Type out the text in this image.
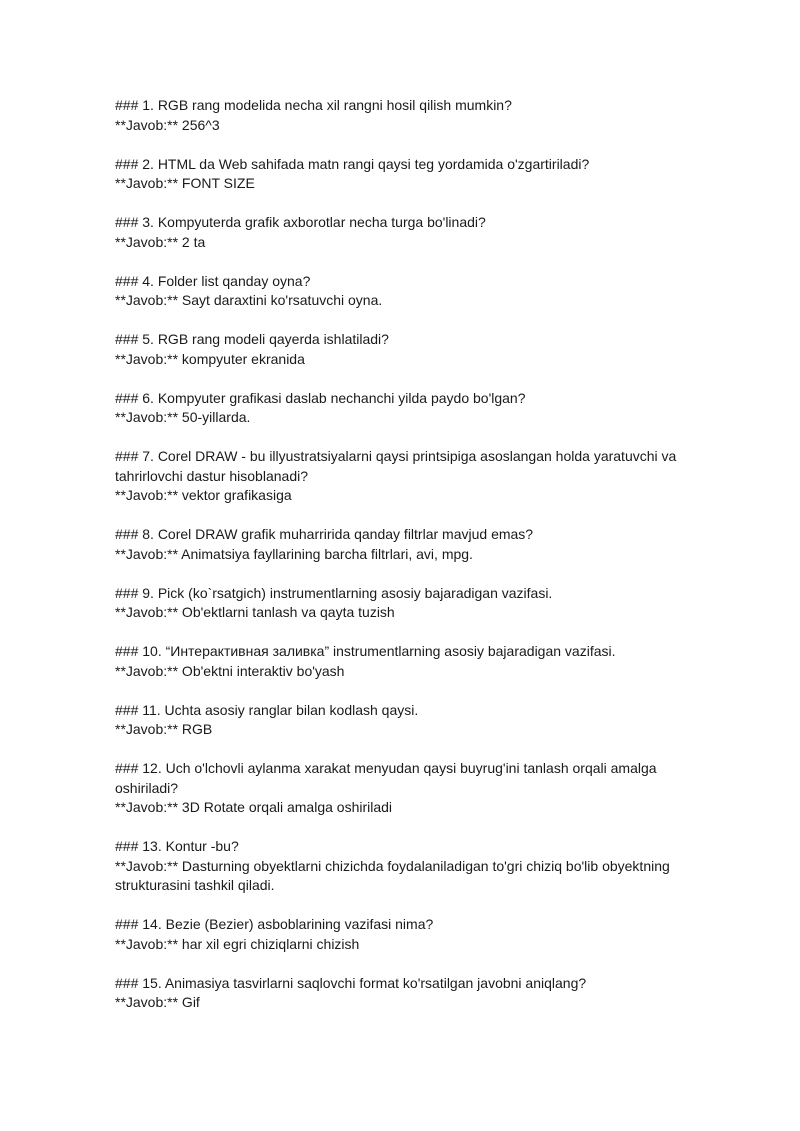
### 1. RGB rang modelida necha xil rangni hosil qilish mumkin?
**Javob:** 256^3
### 2. HTML da Web sahifada matn rangi qaysi teg yordamida o'zgartiriladi?
**Javob:** FONT SIZE
### 3. Kompyuterda grafik axborotlar necha turga bo'linadi?
**Javob:** 2 ta
### 4. Folder list qanday oyna?
**Javob:** Sayt daraxtini ko'rsatuvchi oyna.
### 5. RGB rang modeli qayerda ishlatiladi?
**Javob:** kompyuter ekranida
### 6. Kompyuter grafikasi daslab nechanchi yilda paydo bo'lgan?
**Javob:** 50-yillarda.
### 7. Corel DRAW - bu illyustratsiyalarni qaysi printsipiga asoslangan holda yaratuvchi va tahrirlovchi dastur hisoblanadi?
**Javob:** vektor grafikasiga
### 8. Corel DRAW grafik muharririda qanday filtrlar mavjud emas?
**Javob:** Animatsiya fayllarining barcha filtrlari, avi, mpg.
### 9. Pick (ko`rsatgich) instrumentlarning asosiy bajaradigan vazifasi.
**Javob:** Ob'ektlarni tanlash va qayta tuzish
### 10. “Интерактивная заливка” instrumentlarning asosiy bajaradigan vazifasi.
**Javob:** Ob'ektni interaktiv bo'yash
### 11. Uchta asosiy ranglar bilan kodlash qaysi.
**Javob:** RGB
### 12. Uch o'lchovli aylanma xarakat menyudan qaysi buyrug'ini tanlash orqali amalga oshiriladi?
**Javob:** 3D Rotate orqali amalga oshiriladi
### 13. Kontur -bu?
**Javob:** Dasturning obyektlarni chizichda foydalaniladigan to'gri chiziq bo'lib obyektning strukturasini tashkil qiladi.
### 14. Bezie (Bezier) asboblarining vazifasi nima?
**Javob:** har xil egri chiziqlarni chizish
### 15. Animasiya tasvirlarni saqlovchi format ko'rsatilgan javobni aniqlang?
**Javob:** Gif
